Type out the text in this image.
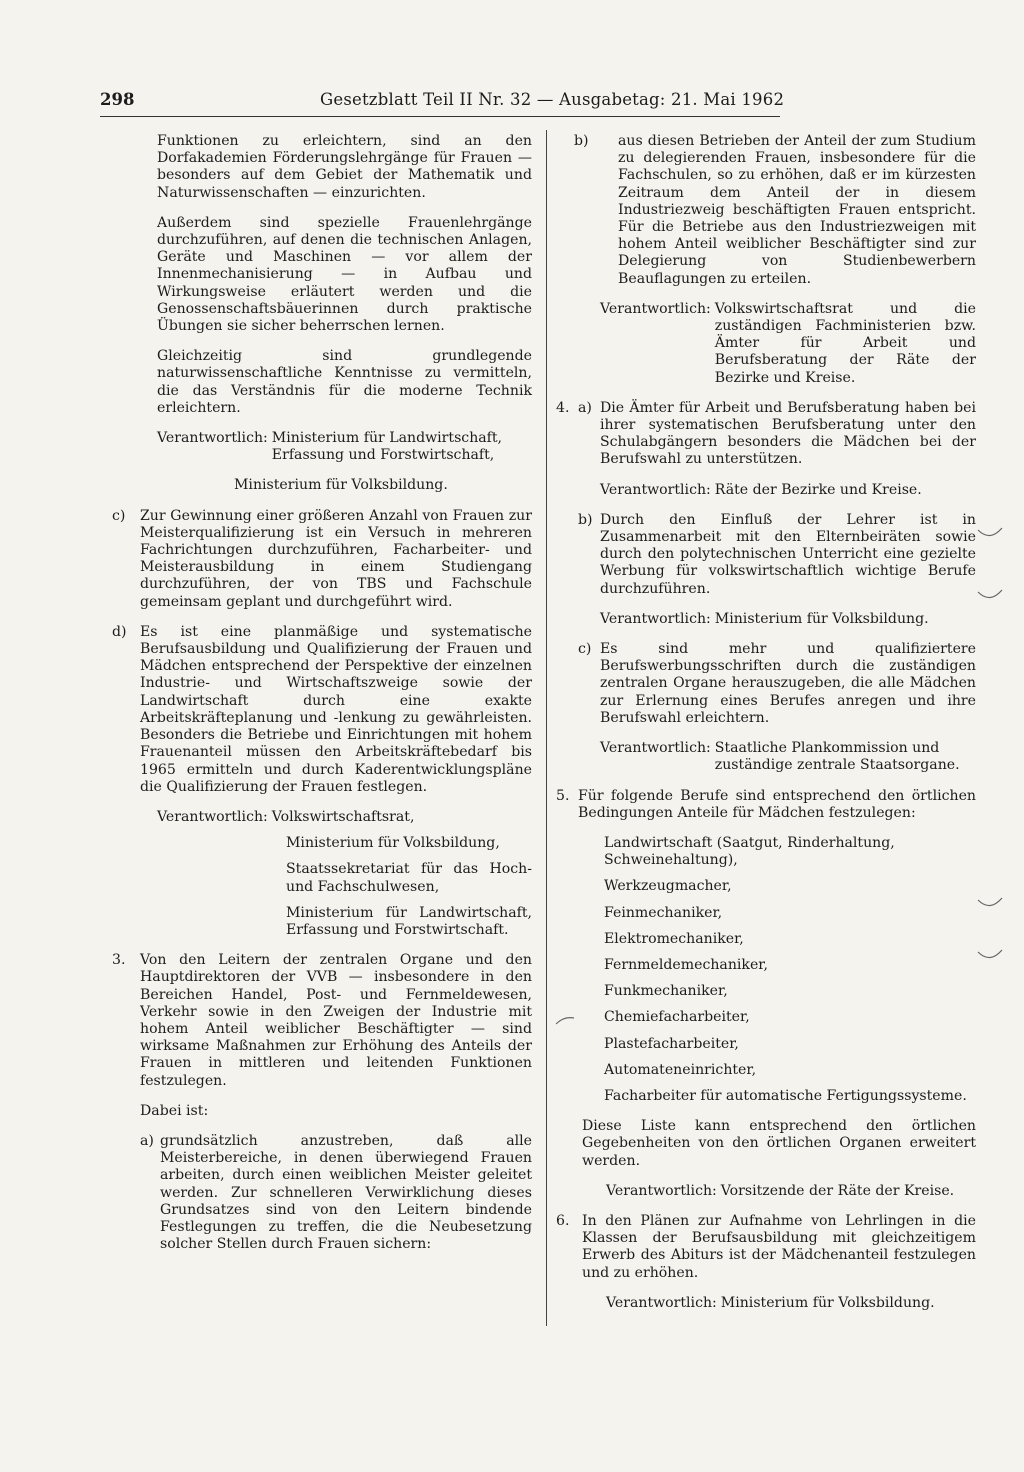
298	Gesetzblatt Teil II Nr. 32 — Ausgabetag: 21. Mai 1962

Funktionen zu erleichtern, sind an den Dorfakademien Förderungslehrgänge für Frauen — besonders auf dem Gebiet der Mathematik und Naturwissenschaften — einzurichten.

Außerdem sind spezielle Frauenlehrgänge durchzuführen, auf denen die technischen Anlagen, Geräte und Maschinen — vor allem der Innenmechanisierung — in Aufbau und Wirkungsweise erläutert werden und die Genossenschaftsbäuerinnen durch praktische Übungen sie sicher beherrschen lernen.

Gleichzeitig sind grundlegende naturwissenschaftliche Kenntnisse zu vermitteln, die das Verständnis für die moderne Technik erleichtern.

Verantwortlich: Ministerium für Landwirtschaft, Erfassung und Forstwirtschaft,

Ministerium für Volksbildung.

c)	Zur Gewinnung einer größeren Anzahl von Frauen zur Meisterqualifizierung ist ein Versuch in mehreren Fachrichtungen durchzuführen, Facharbeiter- und Meisterausbildung in einem Studiengang durchzuführen, der von TBS und Fachschule gemeinsam geplant und durchgeführt wird.
d) Es ist eine planmäßige und systematische Berufsausbildung und Qualifizierung der Frauen und Mädchen entsprechend der Perspektive der einzelnen Industrie- und Wirtschaftszweige sowie der Landwirtschaft durch eine exakte Arbeitskräfteplanung und -lenkung zu gewährleisten. Besonders die Betriebe und Einrichtungen mit hohem Frauenanteil müssen den Arbeitskräftebedarf bis 1965 ermitteln und durch Kaderentwicklungspläne die Qualifizierung der Frauen festlegen.
Verantwortlich: Volkswirtschaftsrat,

Ministerium für Volksbildung,

Staatssekretariat für das Hoch- und Fachschulwesen,

Ministerium für Landwirtschaft, Erfassung und Forstwirtschaft.

3.	Von den Leitern der zentralen Organe und den Hauptdirektoren der VVB — insbesondere in den Bereichen Handel, Post- und Fernmeldewesen, Verkehr sowie in den Zweigen der Industrie mit hohem Anteil weiblicher Beschäftigter — sind wirksame Maßnahmen zur Erhöhung des Anteils der Frauen in mittleren und leitenden Funktionen festzulegen.

Dabei ist:

a) grundsätzlich anzustreben, daß alle Meisterbereiche, in denen überwiegend Frauen arbeiten, durch einen weiblichen Meister geleitet werden. Zur schnelleren Verwirklichung dieses Grundsatzes sind von den Leitern bindende Festlegungen zu treffen, die die Neubesetzung solcher Stellen durch Frauen sichern:
b)	aus diesen Betrieben der Anteil der zum Studium zu delegierenden Frauen, insbesondere für die Fachschulen, so zu erhöhen, daß er im kürzesten Zeitraum dem Anteil der in diesem Industriezweig beschäftigten Frauen entspricht. Für die Betriebe aus den Industriezweigen mit hohem Anteil weiblicher Beschäftigter sind zur Delegierung von Studienbewerbern Beauflagungen zu erteilen.
Verantwortlich: Volkswirtschaftsrat und die zuständigen Fachministerien bzw. Ämter für Arbeit und Berufsberatung der Räte der Bezirke und Kreise.
4. a) Die Ämter für Arbeit und Berufsberatung haben bei ihrer systematischen Berufsberatung unter den Schulabgängern besonders die Mädchen bei der Berufswahl zu unterstützen.
Verantwortlich: Räte der Bezirke und Kreise.
b) Durch den Einfluß der Lehrer ist in Zusammenarbeit mit den Elternbeiräten sowie durch den polytechnischen Unterricht eine gezielte Werbung für volkswirtschaftlich wichtige Berufe durchzuführen.
Verantwortlich: Ministerium für Volksbildung.
c) Es sind mehr und qualifiziertere Berufswerbungsschriften durch die zuständigen zentralen Organe herauszugeben, die alle Mädchen zur Erlernung eines Berufes anregen und ihre Berufswahl erleichtern.
Verantwortlich: Staatliche Plankommission und zuständige zentrale Staatsorgane.
5. Für folgende Berufe sind entsprechend den örtlichen Bedingungen Anteile für Mädchen festzulegen:

Landwirtschaft (Saatgut, Rinderhaltung, Schweinehaltung),

Werkzeugmacher,

Feinmechaniker,

Elektromechaniker,

Fernmeldemechaniker,

Funkmechaniker,

Chemiefacharbeiter,

Plastefacharbeiter,

Automateneinrichter,

Facharbeiter für automatische Fertigungssysteme.

Diese Liste kann entsprechend den örtlichen Gegebenheiten von den örtlichen Organen erweitert werden.

Verantwortlich: Vorsitzende der Räte der Kreise.
6. In den Plänen zur Aufnahme von Lehrlingen in die Klassen der Berufsausbildung mit gleichzeitigem Erwerb des Abiturs ist der Mädchenanteil festzulegen und zu erhöhen.
Verantwortlich: Ministerium für Volksbildung.
